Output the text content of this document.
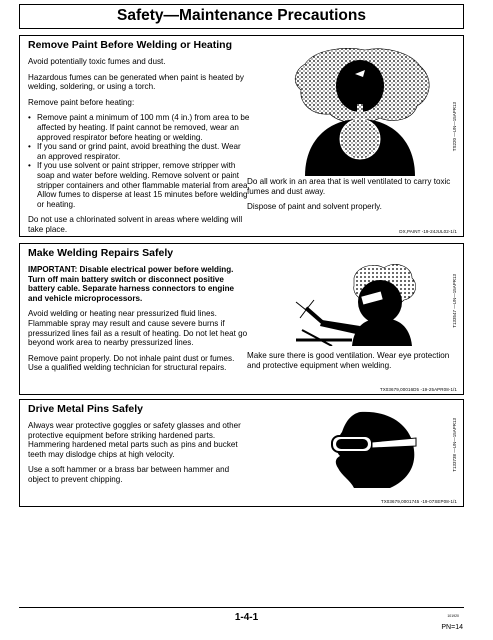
Safety—Maintenance Precautions
Remove Paint Before Welding or Heating

Avoid potentially toxic fumes and dust.

Hazardous fumes can be generated when paint is heated by welding, soldering, or using a torch.

Remove paint before heating:

• Remove paint a minimum of 100 mm (4 in.) from area to be affected by heating. If paint cannot be removed, wear an approved respirator before heating or welding.
• If you sand or grind paint, avoid breathing the dust. Wear an approved respirator.
• If you use solvent or paint stripper, remove stripper with soap and water before welding. Remove solvent or paint stripper containers and other flammable material from area. Allow fumes to disperse at least 15 minutes before welding or heating.

Do not use a chlorinated solvent in areas where welding will take place.

TS220 —UN—15APR13

Do all work in an area that is well ventilated to carry toxic fumes and dust away.

Dispose of paint and solvent properly.

DX,PAINT -19-24JUL02-1/1
Make Welding Repairs Safely

IMPORTANT: Disable electrical power before welding. Turn off main battery switch or disconnect positive battery cable. Separate harness connectors to engine and vehicle microprocessors.

Avoid welding or heating near pressurized fluid lines. Flammable spray may result and cause severe burns if pressurized lines fail as a result of heating. Do not let heat go beyond work area to nearby pressurized lines.

Remove paint properly. Do not inhale paint dust or fumes. Use a qualified welding technician for structural repairs.

T133547 —UN—15APR13

Make sure there is good ventilation. Wear eye protection and protective equipment when welding.

TX03679,00016D5 -19-25APR08-1/1
Drive Metal Pins Safely

Always wear protective goggles or safety glasses and other protective equipment before striking hardened parts. Hammering hardened metal parts such as pins and bucket teeth may dislodge chips at high velocity.

Use a soft hammer or a brass bar between hammer and object to prevent chipping.

T133738 —UN—15APR13
TX03679,0001745 -19-07SEP08-1/1
1-4-1	101920
PN=14
